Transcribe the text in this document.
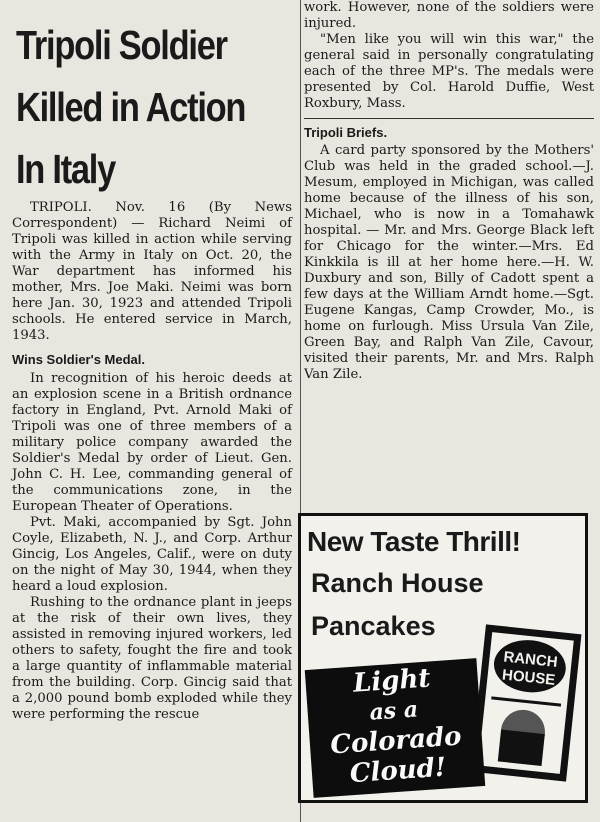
Tripoli Soldier
Killed in Action
In Italy

TRIPOLI. Nov. 16 (By News Correspondent) — Richard Neimi of Tripoli was killed in action while serving with the Army in Italy on Oct. 20, the War department has informed his mother, Mrs. Joe Maki. Neimi was born here Jan. 30, 1923 and attended Tripoli schools. He entered service in March, 1943.

Wins Soldier's Medal.

In recognition of his heroic deeds at an explosion scene in a British ordnance factory in England, Pvt. Arnold Maki of Tripoli was one of three members of a military police company awarded the Soldier's Medal by order of Lieut. Gen. John C. H. Lee, commanding general of the communications zone, in the European Theater of Operations.

Pvt. Maki, accompanied by Sgt. John Coyle, Elizabeth, N. J., and Corp. Arthur Gincig, Los Angeles, Calif., were on duty on the night of May 30, 1944, when they heard a loud explosion.

Rushing to the ordnance plant in jeeps at the risk of their own lives, they assisted in removing injured workers, led others to safety, fought the fire and took a large quantity of inflammable material from the building. Corp. Gincig said that a 2,000 pound bomb exploded while they were performing the rescue

work. However, none of the soldiers were injured.

"Men like you will win this war," the general said in personally congratulating each of the three MP's. The medals were presented by Col. Harold Duffie, West Roxbury, Mass.

Tripoli Briefs.

A card party sponsored by the Mothers' Club was held in the graded school.—J. Mesum, employed in Michigan, was called home because of the illness of his son, Michael, who is now in a Tomahawk hospital. — Mr. and Mrs. George Black left for Chicago for the winter.—Mrs. Ed Kinkkila is ill at her home here.—H. W. Duxbury and son, Billy of Cadott spent a few days at the William Arndt home.—Sgt. Eugene Kangas, Camp Crowder, Mo., is home on furlough. Miss Ursula Van Zile, Green Bay, and Ralph Van Zile, Cavour, visited their parents, Mr. and Mrs. Ralph Van Zile.

New Taste Thrill!
Ranch House
Pancakes
RANCH
HOUSE
Light
as a
Colorado
Cloud!
